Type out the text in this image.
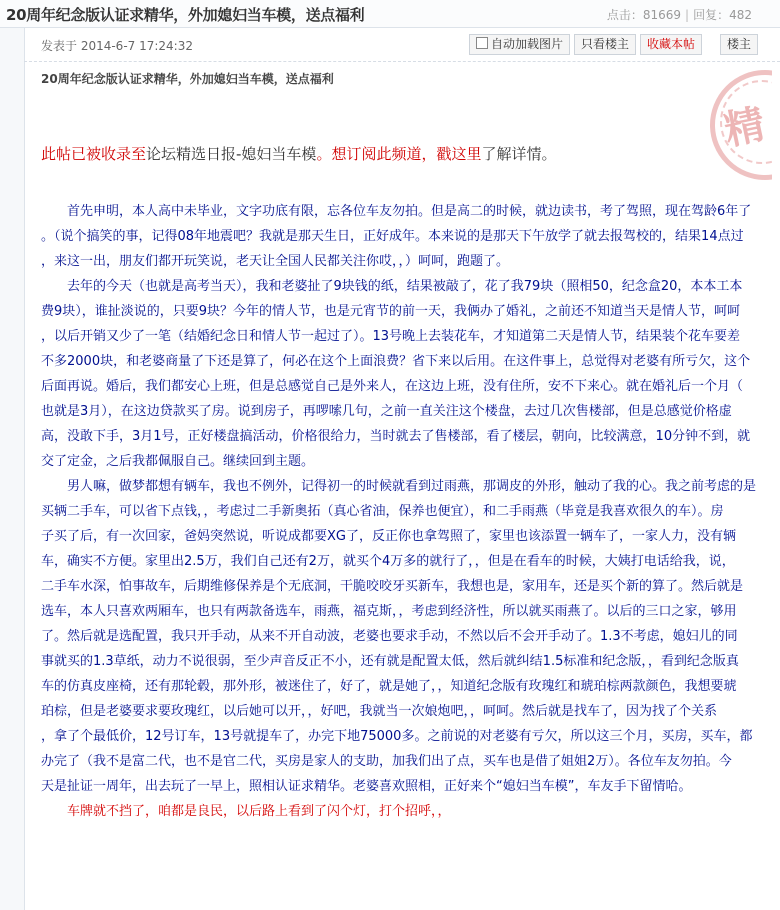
20周年纪念版认证求精华，外加媳妇当车模，送点福利	点击：81669 | 回复：482
发表于 2014-6-7 17:24:32	自动加载图片	只看楼主	收藏本帖	楼主
20周年纪念版认证求精华，外加媳妇当车模，送点福利
精
此帖已被收录至论坛精选日报-媳妇当车模。想订阅此频道，戳这里了解详情。

　　首先申明，本人高中未毕业，文字功底有限，忘各位车友勿拍。但是高二的时候，就边读书，考了驾照，现在驾龄6年了

。（说个搞笑的事，记得08年地震吧？我就是那天生日，正好成年。本来说的是那天下午放学了就去报驾校的，结果14点过

，来这一出，朋友们都开玩笑说，老天让全国人民都关注你哎，，）呵呵，跑题了。

　　去年的今天（也就是高考当天），我和老婆扯了9块钱的纸，结果被敲了，花了我79块（照相50，纪念盒20，本本工本

费9块），谁扯淡说的，只要9块？今年的情人节，也是元宵节的前一天，我俩办了婚礼，之前还不知道当天是情人节，呵呵

，以后开销又少了一笔（结婚纪念日和情人节一起过了）。13号晚上去装花车，才知道第二天是情人节，结果装个花车要差

不多2000块，和老婆商量了下还是算了，何必在这个上面浪费？省下来以后用。在这件事上，总觉得对老婆有所亏欠，这个

后面再说。婚后，我们都安心上班，但是总感觉自己是外来人，在这边上班，没有住所，安不下来心。就在婚礼后一个月（

也就是3月），在这边贷款买了房。说到房子，再啰嗦几句，之前一直关注这个楼盘，去过几次售楼部，但是总感觉价格虚

高，没敢下手，3月1号，正好楼盘搞活动，价格很给力，当时就去了售楼部，看了楼层，朝向，比较满意，10分钟不到，就

交了定金，之后我都佩服自己。继续回到主题。

　　男人嘛，做梦都想有辆车，我也不例外，记得初一的时候就看到过雨燕，那调皮的外形，触动了我的心。我之前考虑的是

买辆二手车，可以省下点钱，，考虑过二手新奥拓（真心省油，保养也便宜），和二手雨燕（毕竟是我喜欢很久的车）。房

子买了后，有一次回家，爸妈突然说，听说成都要XG了，反正你也拿驾照了，家里也该添置一辆车了，一家人力，没有辆

车，确实不方便。家里出2.5万，我们自己还有2万，就买个4万多的就行了，，但是在看车的时候，大姨打电话给我，说，

二手车水深，怕事故车，后期维修保养是个无底洞，干脆咬咬牙买新车，我想也是，家用车，还是买个新的算了。然后就是

选车，本人只喜欢两厢车，也只有两款备选车，雨燕，福克斯，，考虑到经济性，所以就买雨燕了。以后的三口之家，够用

了。然后就是选配置，我只开手动，从来不开自动波，老婆也要求手动，不然以后不会开手动了。1.3不考虑，媳妇儿的同

事就买的1.3草纸，动力不说很弱，至少声音反正不小，还有就是配置太低，然后就纠结1.5标准和纪念版，，看到纪念版真

车的仿真皮座椅，还有那轮毂，那外形，被迷住了，好了，就是她了，，知道纪念版有玫瑰红和琥珀棕两款颜色，我想要琥

珀棕，但是老婆要求要玫瑰红，以后她可以开，，好吧，我就当一次娘炮吧，，呵呵。然后就是找车了，因为找了个关系

，拿了个最低价，12号订车，13号就提车了，办完下地75000多。之前说的对老婆有亏欠，所以这三个月，买房，买车，都

办完了（我不是富二代，也不是官二代，买房是家人的支助，加我们出了点，买车也是借了姐姐2万）。各位车友勿拍。今

天是扯证一周年，出去玩了一早上，照相认证求精华。老婆喜欢照相，正好来个“媳妇当车模”，车友手下留情哈。

　　车牌就不挡了，咱都是良民，以后路上看到了闪个灯，打个招呼，，
